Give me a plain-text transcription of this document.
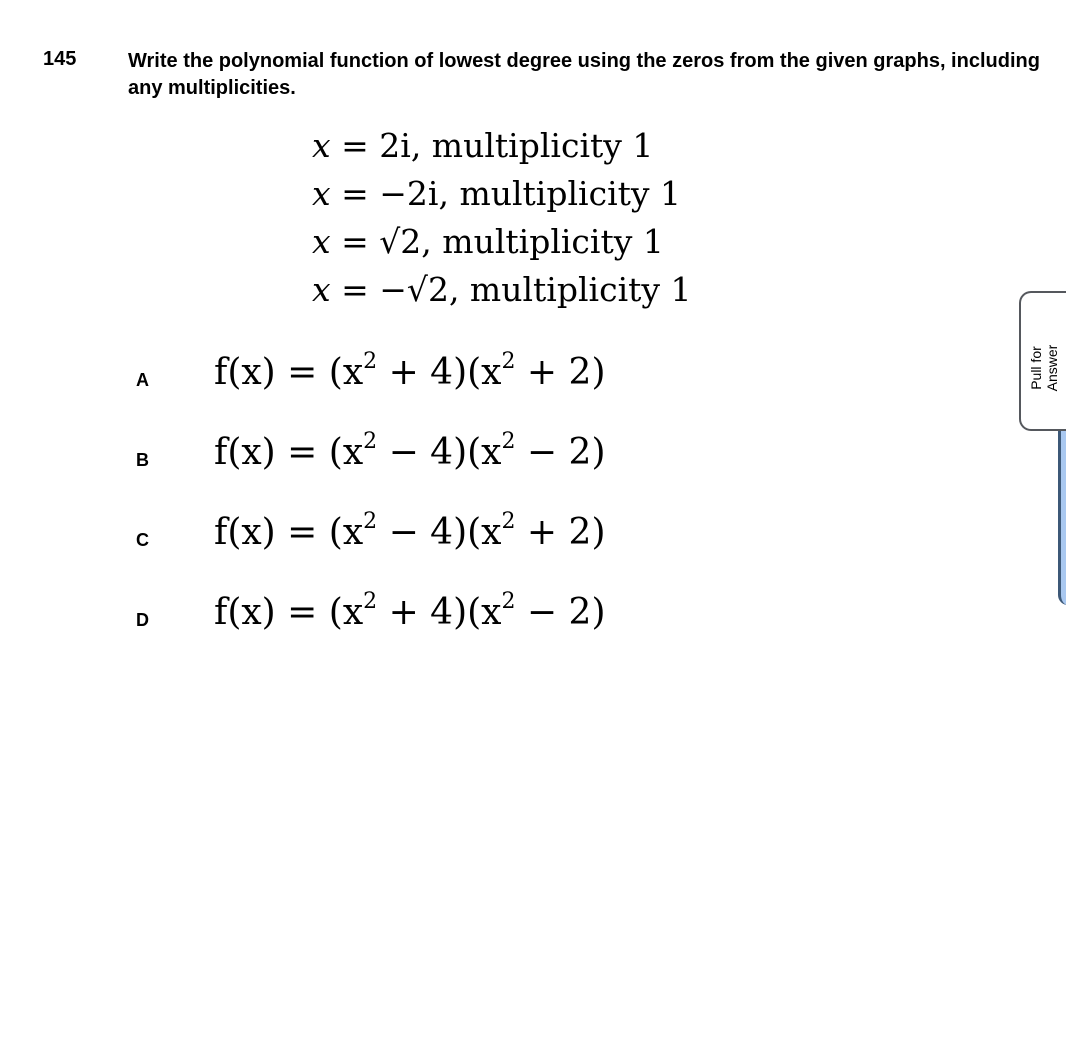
145	Write the polynomial function of lowest degree using the zeros from the given graphs, including any multiplicities.
x = 2i, multiplicity 1
x = −2i, multiplicity 1
x = √2, multiplicity 1
x = −√2, multiplicity 1
A $f(x) = (x^2 + 4)(x^2 + 2)$
B $f(x) = (x^2 - 4)(x^2 - 2)$
C $f(x) = (x^2 - 4)(x^2 + 2)$
D $f(x) = (x^2 + 4)(x^2 - 2)$
Pull for Answer
